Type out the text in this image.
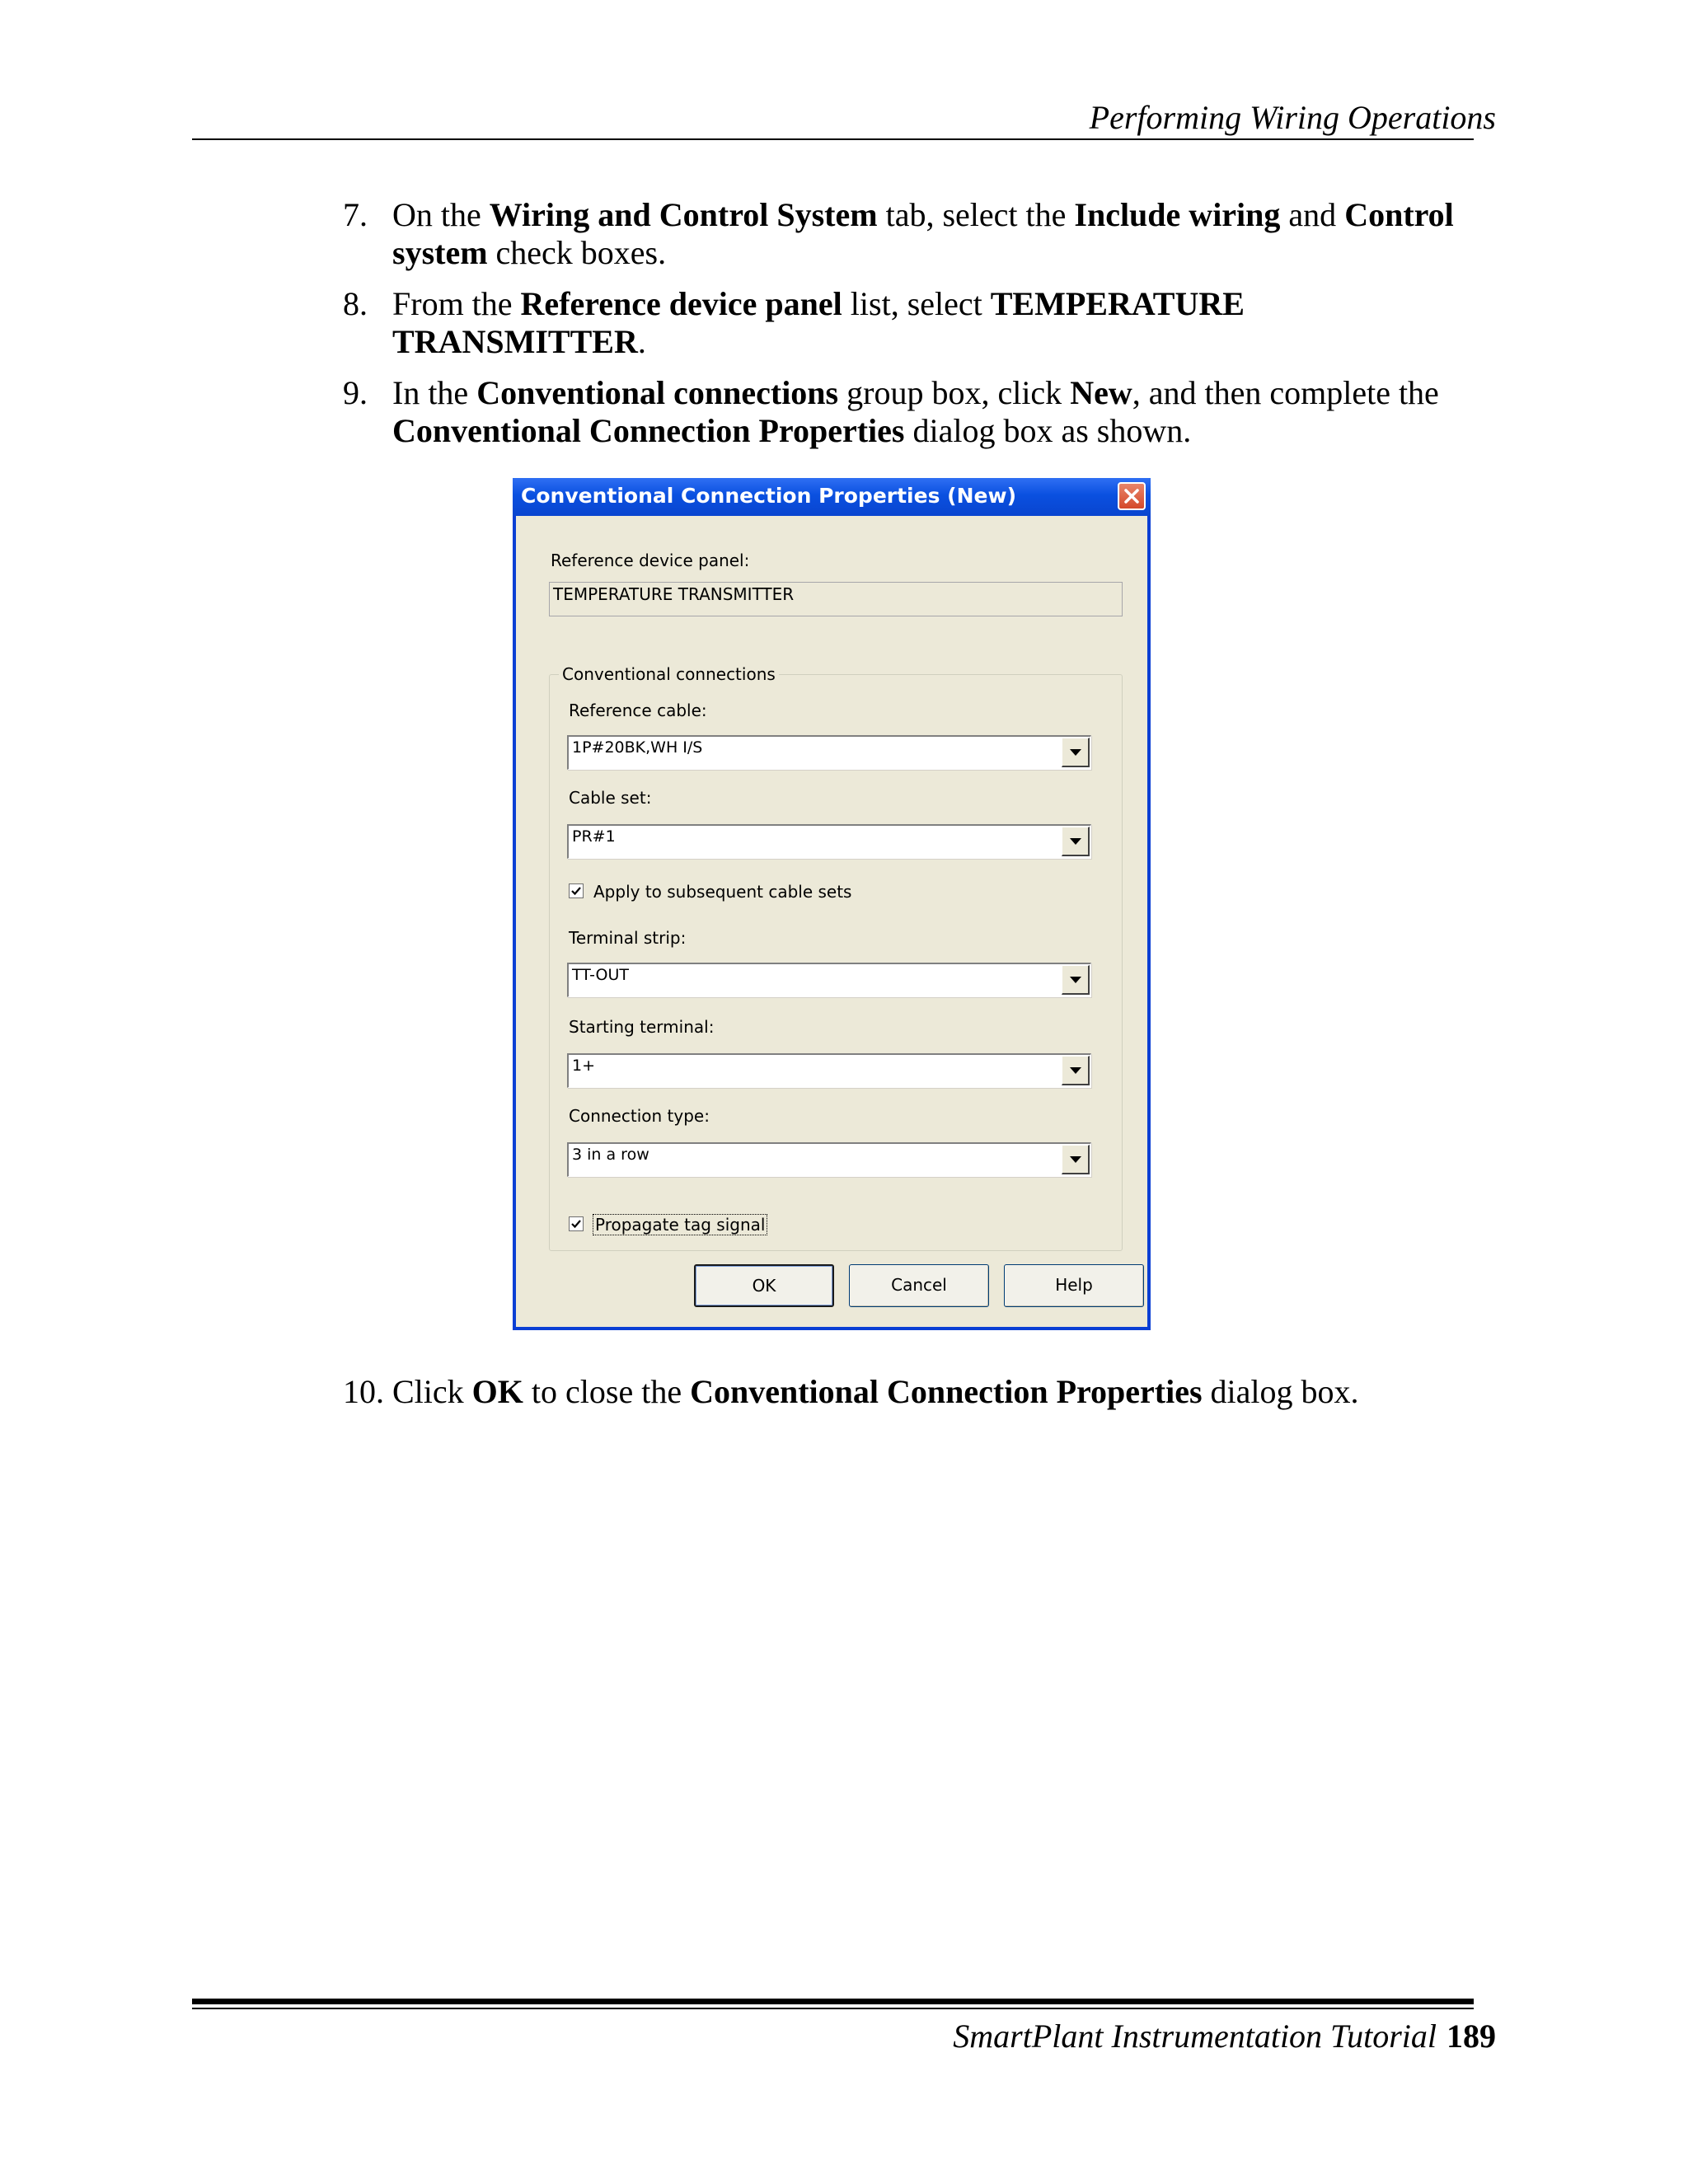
Performing Wiring Operations
7. On the Wiring and Control System tab, select the Include wiring and Control system check boxes.
8. From the Reference device panel list, select TEMPERATURE TRANSMITTER.
9. In the Conventional connections group box, click New, and then complete the Conventional Connection Properties dialog box as shown.
Conventional Connection Properties (New)
Reference device panel:
TEMPERATURE TRANSMITTER
Conventional connections
Reference cable:
1P#20BK,WH I/S
Cable set:
PR#1
Apply to subsequent cable sets
Terminal strip:
TT-OUT
Starting terminal:
1+
Connection type:
3 in a row
Propagate tag signal
OK	Cancel	Help
10. Click OK to close the Conventional Connection Properties dialog box.
SmartPlant Instrumentation Tutorial 189
